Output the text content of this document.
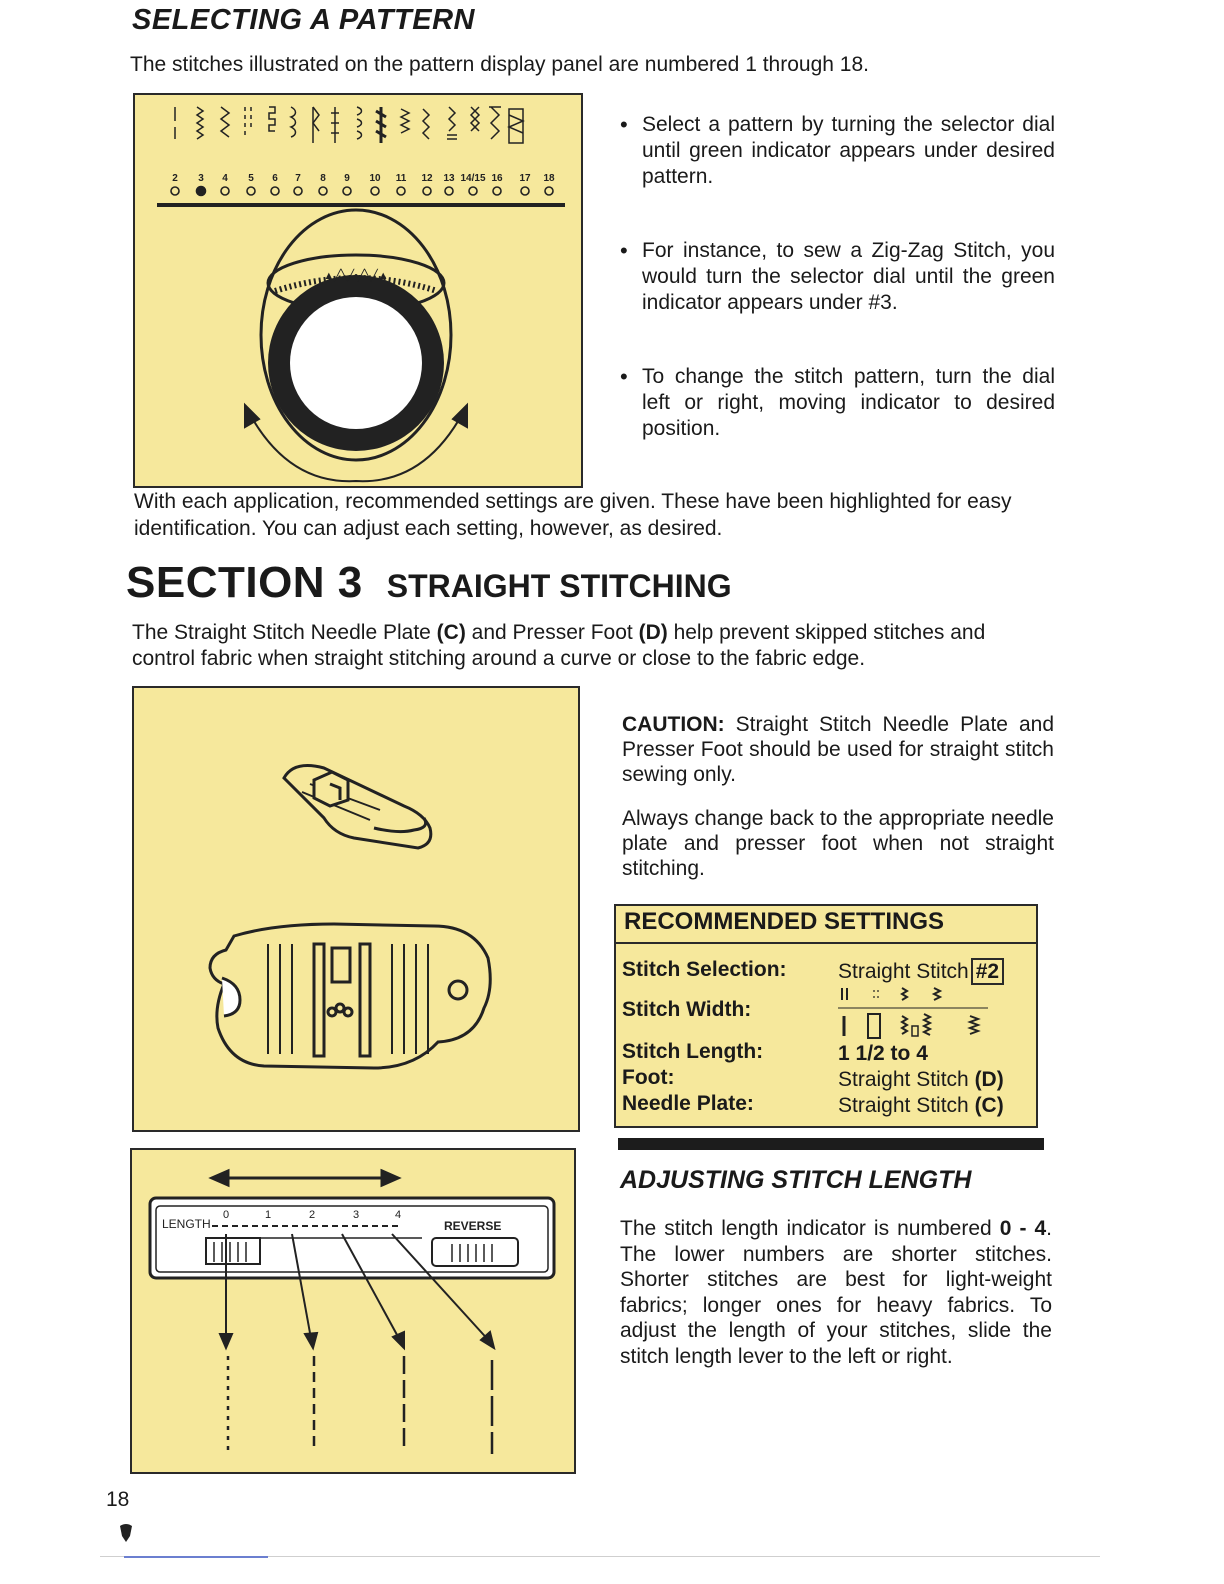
SELECTING A PATTERN

The stitches illustrated on the pattern display panel are numbered 1 through 18.

2 3 4 5 6 7 8 9 10 11 12 13 14/15 16 17 18
▲╱╲╱•╱╲╱▲
• Select a pattern by turning the selector dial until green indicator appears under desired pattern.
• For instance, to sew a Zig-Zag Stitch, you would turn the selector dial until the green indicator appears under #3.
• To change the stitch pattern, turn the dial left or right, moving indicator to desired position.

With each application, recommended settings are given. These have been highlighted for easy identification. You can adjust each setting, however, as desired.

SECTION 3 STRAIGHT STITCHING

The Straight Stitch Needle Plate (C) and Presser Foot (D) help prevent skipped stitches and control fabric when straight stitching around a curve or close to the fabric edge.

LENGTH
0	1	2	3	4
REVERSE

CAUTION: Straight Stitch Needle Plate and Presser Foot should be used for straight stitch sewing only.

Always change back to the appropriate needle plate and presser foot when not straight stitching.

RECOMMENDED SETTINGS
Stitch Selection: Straight Stitch #2
Stitch Width:
Stitch Length:	1 1/2 to 4
Foot:	Straight Stitch (D)
Needle Plate:	Straight Stitch (C)
ADJUSTING STITCH LENGTH

The stitch length indicator is numbered 0 - 4. The lower numbers are shorter stitches. Shorter stitches are best for light-weight fabrics; longer ones for heavy fabrics. To adjust the length of your stitches, slide the stitch length lever to the left or right.

18
